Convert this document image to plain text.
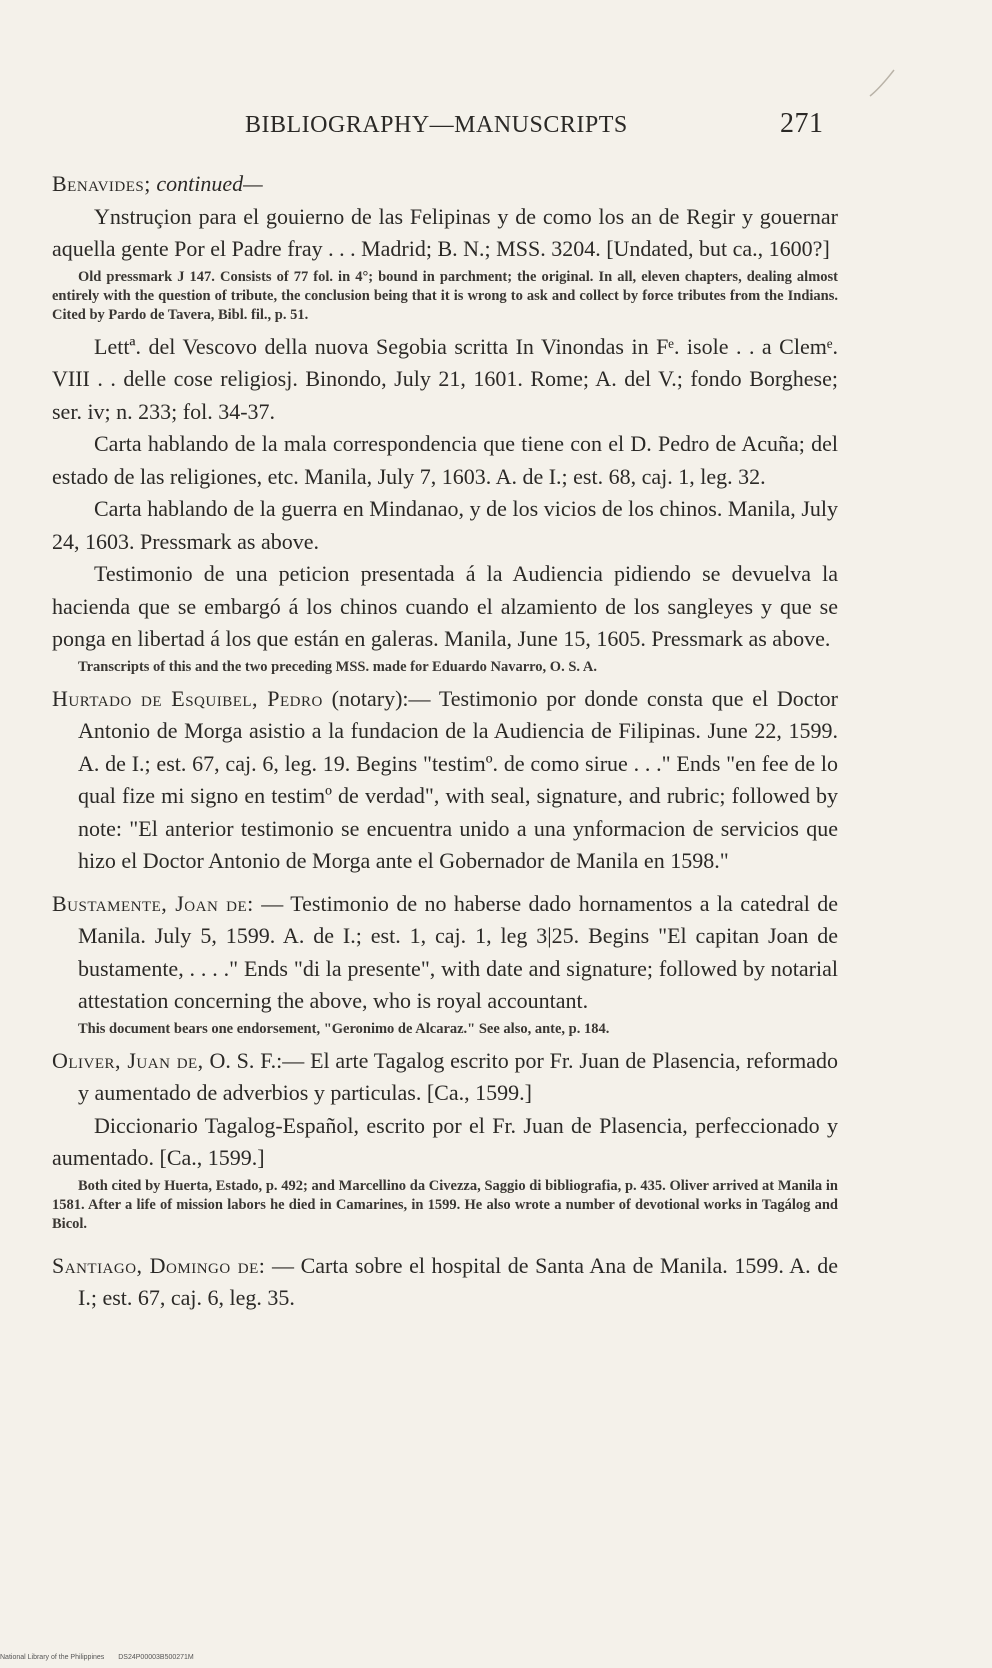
BIBLIOGRAPHY—MANUSCRIPTS	271

Benavides; continued—

Ynstruçion para el gouierno de las Felipinas y de como los an de Regir y gouernar aquella gente Por el Padre fray . . . Madrid; B. N.; MSS. 3204. [Undated, but ca., 1600?]

Old pressmark J 147. Consists of 77 fol. in 4°; bound in parchment; the original. In all, eleven chapters, dealing almost entirely with the question of tribute, the conclusion being that it is wrong to ask and collect by force tributes from the Indians. Cited by Pardo de Tavera, Bibl. fil., p. 51.

Lettª. del Vescovo della nuova Segobia scritta In Vinondas in Fᵉ. isole . . a Clemᵉ. VIII . . delle cose religiosj. Binondo, July 21, 1601. Rome; A. del V.; fondo Borghese; ser. iv; n. 233; fol. 34-37.

Carta hablando de la mala correspondencia que tiene con el D. Pedro de Acuña; del estado de las religiones, etc. Manila, July 7, 1603. A. de I.; est. 68, caj. 1, leg. 32.

Carta hablando de la guerra en Mindanao, y de los vicios de los chinos. Manila, July 24, 1603. Pressmark as above.

Testimonio de una peticion presentada á la Audiencia pidiendo se devuelva la hacienda que se embargó á los chinos cuando el alzamiento de los sangleyes y que se ponga en libertad á los que están en galeras. Manila, June 15, 1605. Pressmark as above.

Transcripts of this and the two preceding MSS. made for Eduardo Navarro, O. S. A.

Hurtado de Esquibel, Pedro (notary):— Testimonio por donde consta que el Doctor Antonio de Morga asistio a la fundacion de la Audiencia de Filipinas. June 22, 1599. A. de I.; est. 67, caj. 6, leg. 19. Begins "testimº. de como sirue . . ." Ends "en fee de lo qual fize mi signo en testimº de verdad", with seal, signature, and rubric; followed by note: "El anterior testimonio se encuentra unido a una ynformacion de servicios que hizo el Doctor Antonio de Morga ante el Gobernador de Manila en 1598."

Bustamente, Joan de: — Testimonio de no haberse dado hornamentos a la catedral de Manila. July 5, 1599. A. de I.; est. 1, caj. 1, leg 3|25. Begins "El capitan Joan de bustamente, . . . ." Ends "di la presente", with date and signature; followed by notarial attestation concerning the above, who is royal accountant.

This document bears one endorsement, "Geronimo de Alcaraz." See also, ante, p. 184.

Oliver, Juan de, O. S. F.:— El arte Tagalog escrito por Fr. Juan de Plasencia, reformado y aumentado de adverbios y particulas. [Ca., 1599.]

Diccionario Tagalog-Español, escrito por el Fr. Juan de Plasencia, perfeccionado y aumentado. [Ca., 1599.]

Both cited by Huerta, Estado, p. 492; and Marcellino da Civezza, Saggio di bibliografia, p. 435. Oliver arrived at Manila in 1581. After a life of mission labors he died in Camarines, in 1599. He also wrote a number of devotional works in Tagálog and Bicol.

Santiago, Domingo de: — Carta sobre el hospital de Santa Ana de Manila. 1599. A. de I.; est. 67, caj. 6, leg. 35.

National Library of the Philippines DS24P00003B500271M
